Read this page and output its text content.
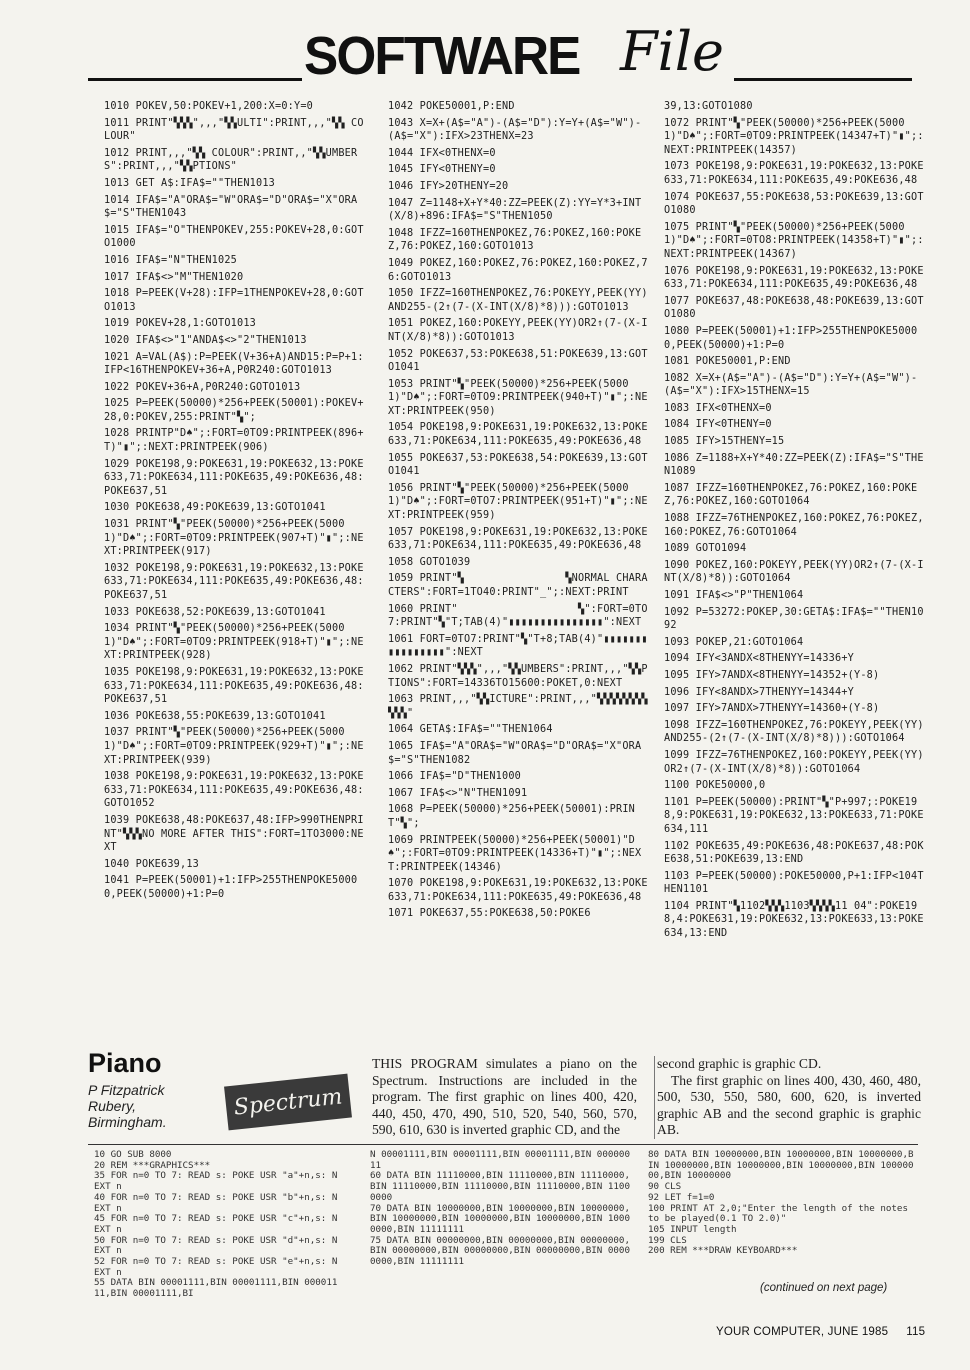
SOFTWARE File
1010 POKEV,50:POKEV+1,200:X=0:Y=0
1011 PRINT"▚▚▚",,,"▚▚ULTI":PRINT,,,"▚▚ COLOUR"
1012 PRINT,,,"▚▚ COLOUR":PRINT,,"▚▚UMBERS":PRINT,,,"▚▚PTIONS"
1013 GET A$:IFA$=""THEN1013
1014 IFA$="A"ORA$="W"ORA$="D"ORA$="X"ORA$="S"THEN1043
1015 IFA$="O"THENPOKEV,255:POKEV+28,0:GOTO1000
1016 IFA$="N"THEN1025
1017 IFA$<>"M"THEN1020
1018 P=PEEK(V+28):IFP=1THENPOKEV+28,0:GOTO1013
1019 POKEV+28,1:GOTO1013
1020 IFA$<>"1"ANDA$<>"2"THEN1013
1021 A=VAL(A$):P=PEEK(V+36+A)AND15:P=P+1:IFP<16THENPOKEV+36+A,P0R240:GOTO1013
1022 POKEV+36+A,P0R240:GOTO1013
1025 P=PEEK(50000)*256+PEEK(50001):POKEV+28,0:POKEV,255:PRINT"▚";
1028 PRINTP"D♠";:FORT=0TO9:PRINTPEEK(896+T)"▮";:NEXT:PRINTPEEK(906)
1029 POKE198,9:POKE631,19:POKE632,13:POKE633,71:POKE634,111:POKE635,49:POKE636,48:POKE637,51
1030 POKE638,49:POKE639,13:GOTO1041
1031 PRINT"▚"PEEK(50000)*256+PEEK(50001)"D♠";:FORT=0TO9:PRINTPEEK(907+T)"▮";:NEXT:PRINTPEEK(917)
1032 POKE198,9:POKE631,19:POKE632,13:POKE633,71:POKE634,111:POKE635,49:POKE636,48:POKE637,51
1033 POKE638,52:POKE639,13:GOTO1041
1034 PRINT"▚"PEEK(50000)*256+PEEK(50001)"D♠";:FORT=0TO9:PRINTPEEK(918+T)"▮";:NEXT:PRINTPEEK(928)
1035 POKE198,9:POKE631,19:POKE632,13:POKE633,71:POKE634,111:POKE635,49:POKE636,48:POKE637,51
1036 POKE638,55:POKE639,13:GOTO1041
1037 PRINT"▚"PEEK(50000)*256+PEEK(50001)"D♠";:FORT=0TO9:PRINTPEEK(929+T)"▮";:NEXT:PRINTPEEK(939)
1038 POKE198,9:POKE631,19:POKE632,13:POKE633,71:POKE634,111:POKE635,49:POKE636,48:GOTO1052
1039 POKE638,48:POKE637,48:IFP>990THENPRINT"▚▚▚NO MORE AFTER THIS":FORT=1TO3000:NEXT
1040 POKE639,13
1041 P=PEEK(50001)+1:IFP>255THENPOKE50000,PEEK(50000)+1:P=0
1042 POKE50001,P:END
1043 X=X+(A$="A")-(A$="D"):Y=Y+(A$="W")-(A$="X"):IFX>23THENX=23
1044 IFX<0THENX=0
1045 IFY<0THENY=0
1046 IFY>20THENY=20
1047 Z=1148+X+Y*40:ZZ=PEEK(Z):YY=Y*3+INT(X/8)+896:IFA$="S"THEN1050
1048 IFZZ=160THENPOKEZ,76:POKEZ,160:POKEZ,76:POKEZ,160:GOTO1013
1049 POKEZ,160:POKEZ,76:POKEZ,160:POKEZ,76:GOTO1013
1050 IFZZ=160THENPOKEZ,76:POKEYY,PEEK(YY)AND255-(2↑(7-(X-INT(X/8)*8))):GOTO1013
1051 POKEZ,160:POKEYY,PEEK(YY)OR2↑(7-(X-INT(X/8)*8)):GOTO1013
1052 POKE637,53:POKE638,51:POKE639,13:GOTO1041
1053 PRINT"▚"PEEK(50000)*256+PEEK(50001)"D♠";:FORT=0TO9:PRINTPEEK(940+T)"▮";:NEXT:PRINTPEEK(950)
1054 POKE198,9:POKE631,19:POKE632,13:POKE633,71:POKE634,111:POKE635,49:POKE636,48
1055 POKE637,53:POKE638,54:POKE639,13:GOTO1041
1056 PRINT"▚"PEEK(50000)*256+PEEK(50001)"D♠";:FORT=0TO7:PRINTPEEK(951+T)"▮";:NEXT:PRINTPEEK(959)
1057 POKE198,9:POKE631,19:POKE632,13:POKE633,71:POKE634,111:POKE635,49:POKE636,48
1058 GOTO1039
1059 PRINT"▚                ▚NORMAL CHARACTERS":FORT=1TO40:PRINT"_";:NEXT:PRINT
1060 PRINT"                   ▚":FORT=0TO7:PRINT"▚"T;TAB(4)"▮▮▮▮▮▮▮▮▮▮▮▮▮▮▮":NEXT
1061 FORT=0TO7:PRINT"▚"T+8;TAB(4)"▮▮▮▮▮▮▮▮▮▮▮▮▮▮▮▮":NEXT
1062 PRINT"▚▚▚",,,"▚▚UMBERS":PRINT,,,"▚▚PTIONS":FORT=14336TO15600:POKET,0:NEXT
1063 PRINT,,,"▚▚ICTURE":PRINT,,,"▚▚▚▚▚▚▚▚▚▚▚"
1064 GETA$:IFA$=""THEN1064
1065 IFA$="A"ORA$="W"ORA$="D"ORA$="X"ORA$="S"THEN1082
1066 IFA$="D"THEN1000
1067 IFA$<>"N"THEN1091
1068 P=PEEK(50000)*256+PEEK(50001):PRINT"▚";
1069 PRINTPEEK(50000)*256+PEEK(50001)"D♠";:FORT=0TO9:PRINTPEEK(14336+T)"▮";:NEXT:PRINTPEEK(14346)
1070 POKE198,9:POKE631,19:POKE632,13:POKE633,71:POKE634,111:POKE635,49:POKE636,48
1071 POKE637,55:POKE638,50:POKE6
39,13:GOTO1080
1072 PRINT"▚"PEEK(50000)*256+PEEK(50001)"D♠";:FORT=0TO9:PRINTPEEK(14347+T)"▮";:NEXT:PRINTPEEK(14357)
1073 POKE198,9:POKE631,19:POKE632,13:POKE633,71:POKE634,111:POKE635,49:POKE636,48
1074 POKE637,55:POKE638,53:POKE639,13:GOTO1080
1075 PRINT"▚"PEEK(50000)*256+PEEK(50001)"D♠";:FORT=0TO8:PRINTPEEK(14358+T)"▮";:NEXT:PRINTPEEK(14367)
1076 POKE198,9:POKE631,19:POKE632,13:POKE633,71:POKE634,111:POKE635,49:POKE636,48
1077 POKE637,48:POKE638,48:POKE639,13:GOTO1080
1080 P=PEEK(50001)+1:IFP>255THENPOKE50000,PEEK(50000)+1:P=0
1081 POKE50001,P:END
1082 X=X+(A$="A")-(A$="D"):Y=Y+(A$="W")-(A$="X"):IFX>15THENX=15
1083 IFX<0THENX=0
1084 IFY<0THENY=0
1085 IFY>15THENY=15
1086 Z=1188+X+Y*40:ZZ=PEEK(Z):IFA$="S"THEN1089
1087 IFZZ=160THENPOKEZ,76:POKEZ,160:POKEZ,76:POKEZ,160:GOTO1064
1088 IFZZ=76THENPOKEZ,160:POKEZ,76:POKEZ,160:POKEZ,76:GOTO1064
1089 GOTO1094
1090 POKEZ,160:POKEYY,PEEK(YY)OR2↑(7-(X-INT(X/8)*8)):GOTO1064
1091 IFA$<>"P"THEN1064
1092 P=53272:POKEP,30:GETA$:IFA$=""THEN1092
1093 POKEP,21:GOTO1064
1094 IFY<3ANDX<8THENYY=14336+Y
1095 IFY>7ANDX<8THENYY=14352+(Y-8)
1096 IFY<8ANDX>7THENYY=14344+Y
1097 IFY>7ANDX>7THENYY=14360+(Y-8)
1098 IFZZ=160THENPOKEZ,76:POKEYY,PEEK(YY)AND255-(2↑(7-(X-INT(X/8)*8))):GOTO1064
1099 IFZZ=76THENPOKEZ,160:POKEYY,PEEK(YY)OR2↑(7-(X-INT(X/8)*8)):GOTO1064
1100 POKE50000,0
1101 P=PEEK(50000):PRINT"▚"P+997;:POKE198,9:POKE631,19:POKE632,13:POKE633,71:POKE634,111
1102 POKE635,49:POKE636,48:POKE637,48:POKE638,51:POKE639,13:END
1103 P=PEEK(50000):POKE50000,P+1:IFP<104THEN1101
1104 PRINT"▚1102▚▚▚1103▚▚▚▚11 04":POKE198,4:POKE631,19:POKE632,13:POKE633,13:POKE634,13:END
Piano
P Fitzpatrick
Rubery,
Birmingham.
Spectrum

THIS PROGRAM simulates a piano on the Spectrum. Instructions are included in the program. The first graphic on lines 400, 420, 440, 450, 470, 490, 510, 520, 540, 560, 570, 590, 610, 630 is inverted graphic CD, and the

second graphic is graphic CD.

The first graphic on lines 400, 430, 460, 480, 500, 530, 550, 580, 600, 620, is inverted graphic AB and the second graphic is graphic AB.

10 GO SUB 8000
20 REM ***GRAPHICS***
35 FOR n=0 TO 7: READ s: POKE USR "a"+n,s: NEXT n
40 FOR n=0 TO 7: READ s: POKE USR "b"+n,s: NEXT n
45 FOR n=0 TO 7: READ s: POKE USR "c"+n,s: NEXT n
50 FOR n=0 TO 7: READ s: POKE USR "d"+n,s: NEXT n
52 FOR n=0 TO 7: READ s: POKE USR "e"+n,s: NEXT n
55 DATA BIN 00001111,BIN 00001111,BIN 00001111,BIN 00001111,BI
N 00001111,BIN 00001111,BIN 00001111,BIN 00000011
60 DATA BIN 11110000,BIN 11110000,BIN 11110000,BIN 11110000,BIN 11110000,BIN 11110000,BIN 11000000
70 DATA BIN 10000000,BIN 10000000,BIN 10000000,BIN 10000000,BIN 10000000,BIN 10000000,BIN 10000000,BIN 11111111
75 DATA BIN 00000000,BIN 00000000,BIN 00000000,BIN 00000000,BIN 00000000,BIN 00000000,BIN 00000000,BIN 11111111
80 DATA BIN 10000000,BIN 10000000,BIN 10000000,BIN 10000000,BIN 10000000,BIN 10000000,BIN 10000000,BIN 10000000
90 CLS
92 LET f=1=0
100 PRINT AT 2,0;"Enter the length of the notes to be played(0.1 TO 2.0)"
105 INPUT length
199 CLS
200 REM ***DRAW KEYBOARD***
(continued on next page)
YOUR COMPUTER, JUNE 1985 115
